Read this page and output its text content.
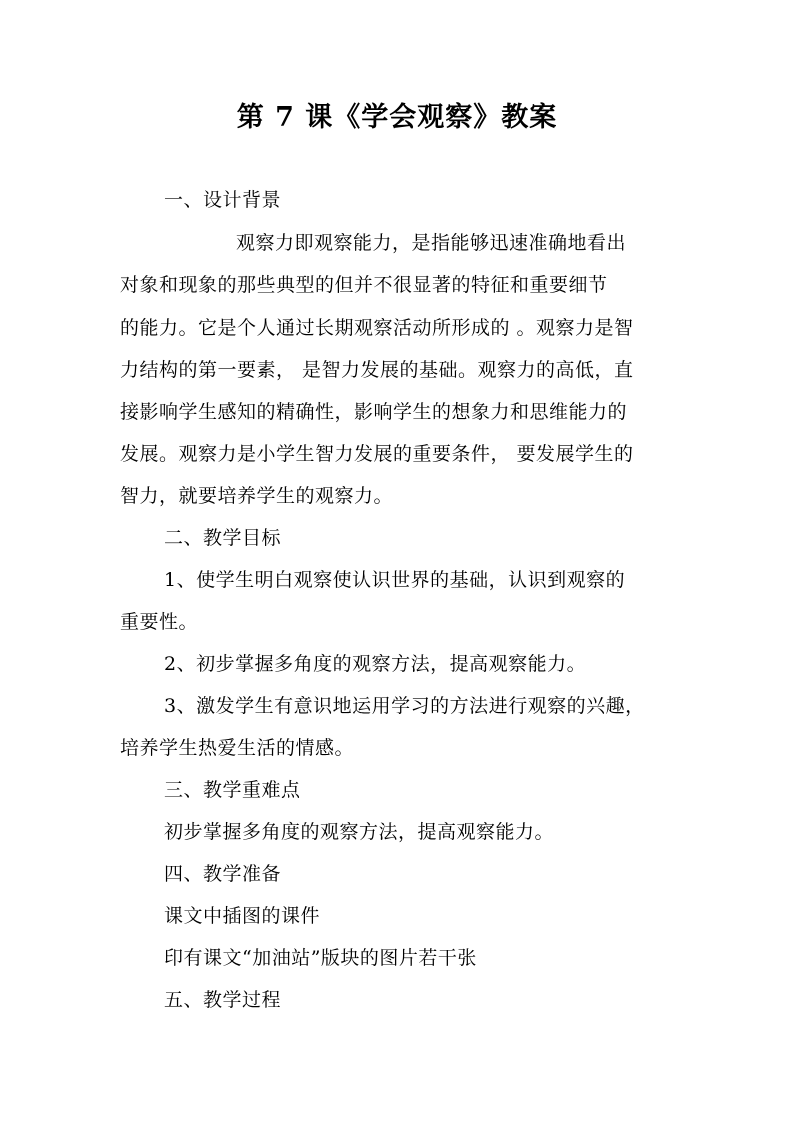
第 7 课《学会观察》教案
一、设计背景
观察力即观察能力，是指能够迅速准确地看出
对象和现象的那些典型的但并不很显著的特征和重要细节
的能力。它是个人通过长期观察活动所形成的 。观察力是智
力结构的第一要素， 是智力发展的基础。观察力的高低，直
接影响学生感知的精确性，影响学生的想象力和思维能力的
发展。观察力是小学生智力发展的重要条件， 要发展学生的
智力，就要培养学生的观察力。
二、教学目标
1、使学生明白观察使认识世界的基础，认识到观察的
重要性。
2、初步掌握多角度的观察方法，提高观察能力。
3、激发学生有意识地运用学习的方法进行观察的兴趣，
培养学生热爱生活的情感。
三、教学重难点
初步掌握多角度的观察方法，提高观察能力。
四、教学准备
课文中插图的课件
印有课文“加油站”版块的图片若干张
五、教学过程
